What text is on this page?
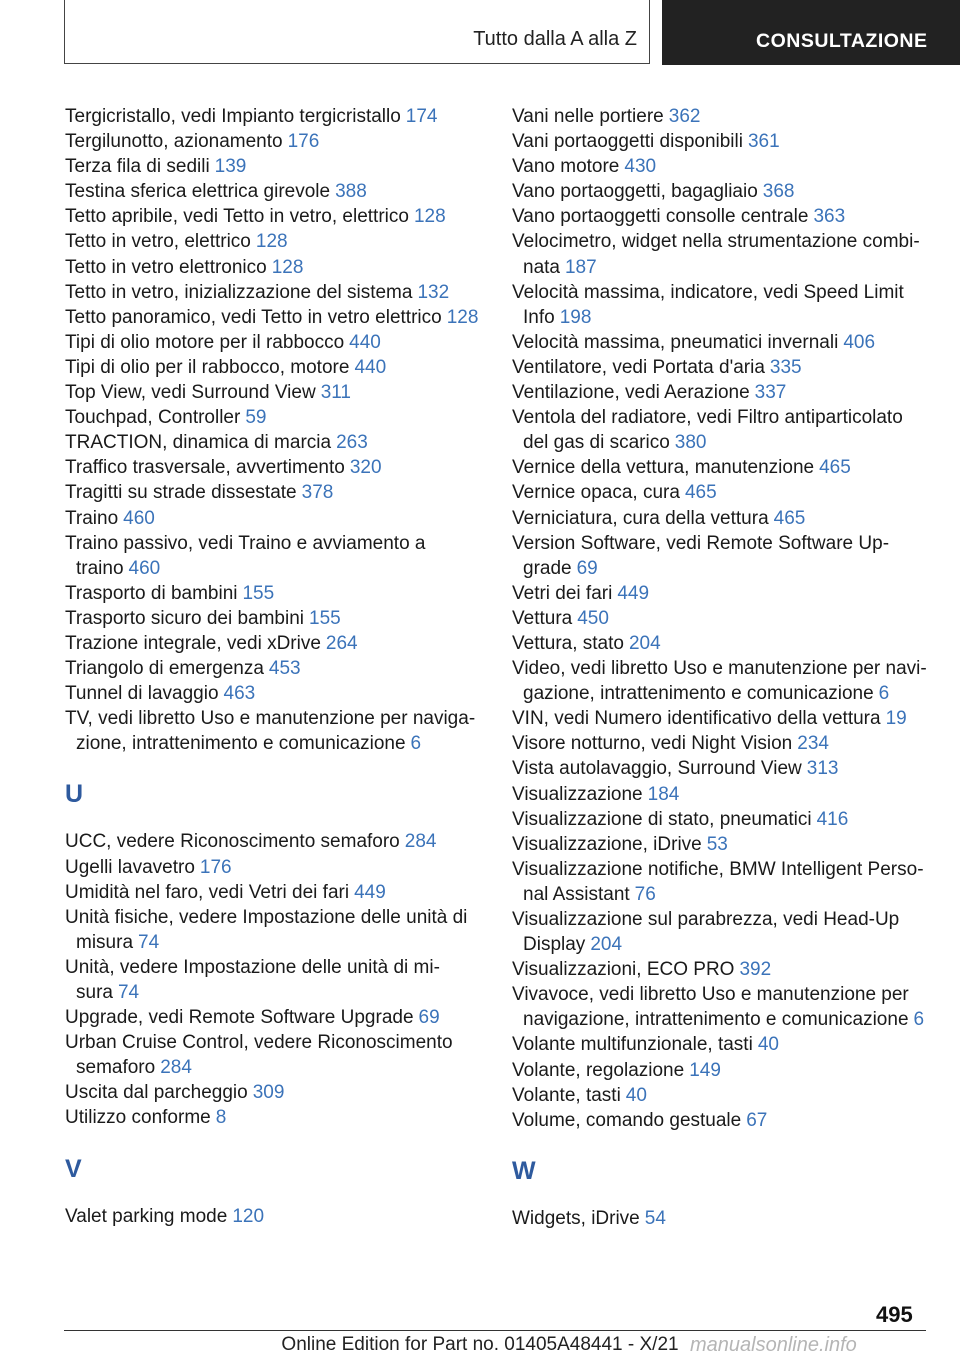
Tutto dalla A alla Z	CONSULTAZIONE
Tergicristallo, vedi Impianto tergicristallo 174
Tergilunotto, azionamento 176
Terza fila di sedili 139
Testina sferica elettrica girevole 388
Tetto apribile, vedi Tetto in vetro, elettrico 128
Tetto in vetro, elettrico 128
Tetto in vetro elettronico 128
Tetto in vetro, inizializzazione del sistema 132
Tetto panoramico, vedi Tetto in vetro elettrico 128
Tipi di olio motore per il rabbocco 440
Tipi di olio per il rabbocco, motore 440
Top View, vedi Surround View 311
Touchpad, Controller 59
TRACTION, dinamica di marcia 263
Traffico trasversale, avvertimento 320
Tragitti su strade dissestate 378
Traino 460
Traino passivo, vedi Traino e avviamento a traino 460
Trasporto di bambini 155
Trasporto sicuro dei bambini 155
Trazione integrale, vedi xDrive 264
Triangolo di emergenza 453
Tunnel di lavaggio 463
TV, vedi libretto Uso e manutenzione per navigazione, intrattenimento e comunicazione 6
U
UCC, vedere Riconoscimento semaforo 284
Ugelli lavavetro 176
Umidità nel faro, vedi Vetri dei fari 449
Unità fisiche, vedere Impostazione delle unità di misura 74
Unità, vedere Impostazione delle unità di misura 74
Upgrade, vedi Remote Software Upgrade 69
Urban Cruise Control, vedere Riconoscimento semaforo 284
Uscita dal parcheggio 309
Utilizzo conforme 8
V
Valet parking mode 120
Vani nelle portiere 362
Vani portaoggetti disponibili 361
Vano motore 430
Vano portaoggetti, bagagliaio 368
Vano portaoggetti consolle centrale 363
Velocimetro, widget nella strumentazione combinata 187
Velocità massima, indicatore, vedi Speed Limit Info 198
Velocità massima, pneumatici invernali 406
Ventilatore, vedi Portata d'aria 335
Ventilazione, vedi Aerazione 337
Ventola del radiatore, vedi Filtro antiparticolato del gas di scarico 380
Vernice della vettura, manutenzione 465
Vernice opaca, cura 465
Verniciatura, cura della vettura 465
Version Software, vedi Remote Software Upgrade 69
Vetri dei fari 449
Vettura 450
Vettura, stato 204
Video, vedi libretto Uso e manutenzione per navigazione, intrattenimento e comunicazione 6
VIN, vedi Numero identificativo della vettura 19
Visore notturno, vedi Night Vision 234
Vista autolavaggio, Surround View 313
Visualizzazione 184
Visualizzazione di stato, pneumatici 416
Visualizzazione, iDrive 53
Visualizzazione notifiche, BMW Intelligent Personal Assistant 76
Visualizzazione sul parabrezza, vedi Head-Up Display 204
Visualizzazioni, ECO PRO 392
Vivavoce, vedi libretto Uso e manutenzione per navigazione, intrattenimento e comunicazione 6
Volante multifunzionale, tasti 40
Volante, regolazione 149
Volante, tasti 40
Volume, comando gestuale 67
W
Widgets, iDrive 54
495
Online Edition for Part no. 01405A48441 - X/21 manualsonline.info
